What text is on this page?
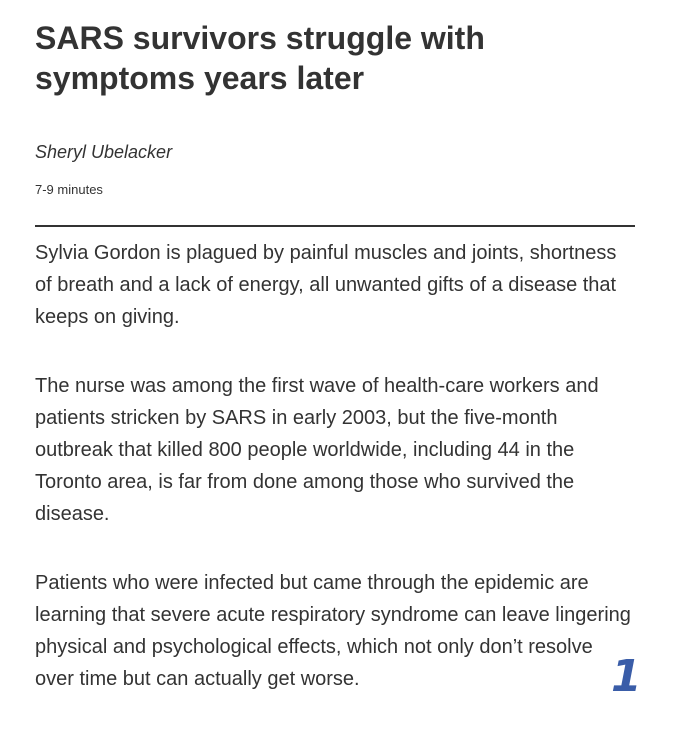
SARS survivors struggle with symptoms years later

Sheryl Ubelacker

7-9 minutes

Sylvia Gordon is plagued by painful muscles and joints, shortness of breath and a lack of energy, all unwanted gifts of a disease that keeps on giving.

The nurse was among the first wave of health-care workers and patients stricken by SARS in early 2003, but the five-month outbreak that killed 800 people worldwide, including 44 in the Toronto area, is far from done among those who survived the disease.

Patients who were infected but came through the epidemic are learning that severe acute respiratory syndrome can leave lingering physical and psychological effects, which not only don’t resolve over time but can actually get worse.	1
